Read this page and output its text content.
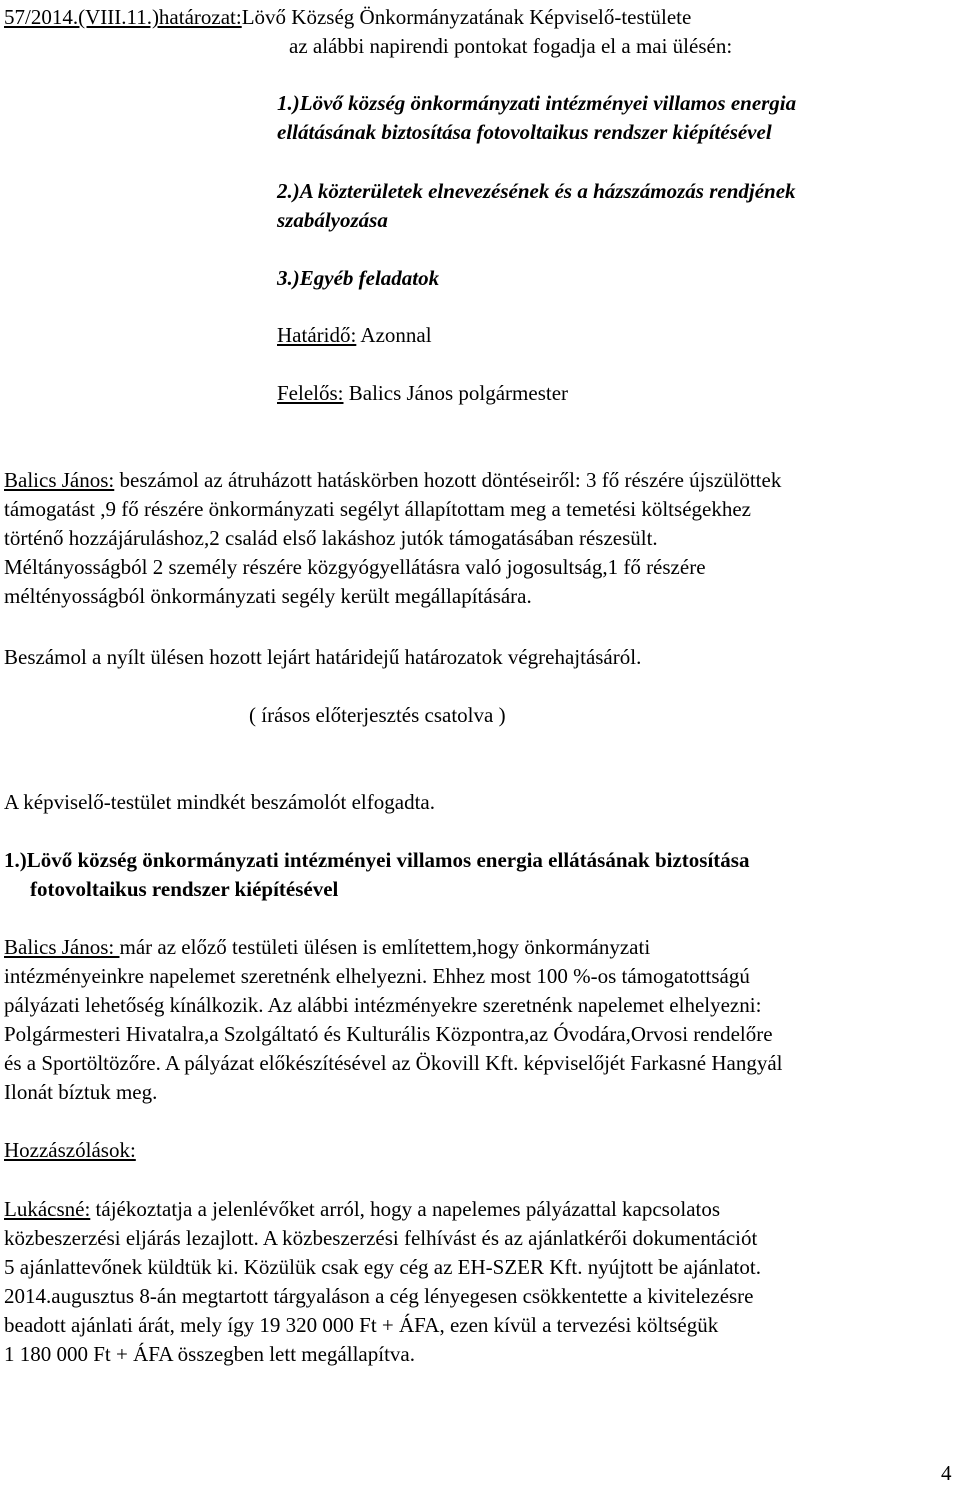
57/2014.(VIII.11.)határozat:Lövő Község Önkormányzatának Képviselő-testülete
az alábbi napirendi pontokat fogadja el a mai ülésén:
1.)Lövő község önkormányzati intézményei villamos energia
ellátásának biztosítása fotovoltaikus rendszer kiépítésével
2.)A közterületek elnevezésének és a házszámozás rendjének
szabályozása
3.)Egyéb feladatok
Határidő: Azonnal
Felelős: Balics János polgármester
Balics János: beszámol az átruházott hatáskörben hozott döntéseiről: 3 fő részére újszülöttek
támogatást ,9 fő részére önkormányzati segélyt állapítottam meg a temetési költségekhez
történő hozzájáruláshoz,2 család első lakáshoz jutók támogatásában részesült.
Méltányosságból 2 személy részére közgyógyellátásra való jogosultság,1 fő részére
méltényosságból önkormányzati segély került megállapítására.
Beszámol a nyílt ülésen hozott lejárt határidejű határozatok végrehajtásáról.
( írásos előterjesztés csatolva )
A képviselő-testület mindkét beszámolót elfogadta.
1.)Lövő község önkormányzati intézményei villamos energia ellátásának biztosítása
fotovoltaikus rendszer kiépítésével
Balics János: már az előző testületi ülésen is említettem,hogy önkormányzati
intézményeinkre napelemet szeretnénk elhelyezni. Ehhez most 100 %-os támogatottságú
pályázati lehetőség kínálkozik. Az alábbi intézményekre szeretnénk napelemet elhelyezni:
Polgármesteri Hivatalra,a Szolgáltató és Kulturális Központra,az Óvodára,Orvosi rendelőre
és a Sportöltözőre. A pályázat előkészítésével az Ökovill Kft. képviselőjét Farkasné Hangyál
Ilonát bíztuk meg.
Hozzászólások:
Lukácsné: tájékoztatja a jelenlévőket arról, hogy a napelemes pályázattal kapcsolatos
közbeszerzési eljárás lezajlott. A közbeszerzési felhívást és az ajánlatkérői dokumentációt
5 ajánlattevőnek küldtük ki. Közülük csak egy cég az EH-SZER Kft. nyújtott be ajánlatot.
2014.augusztus 8-án megtartott tárgyaláson a cég lényegesen csökkentette a kivitelezésre
beadott ajánlati árát, mely így 19 320 000 Ft + ÁFA, ezen kívül a tervezési költségük
1 180 000 Ft + ÁFA összegben lett megállapítva.
4
